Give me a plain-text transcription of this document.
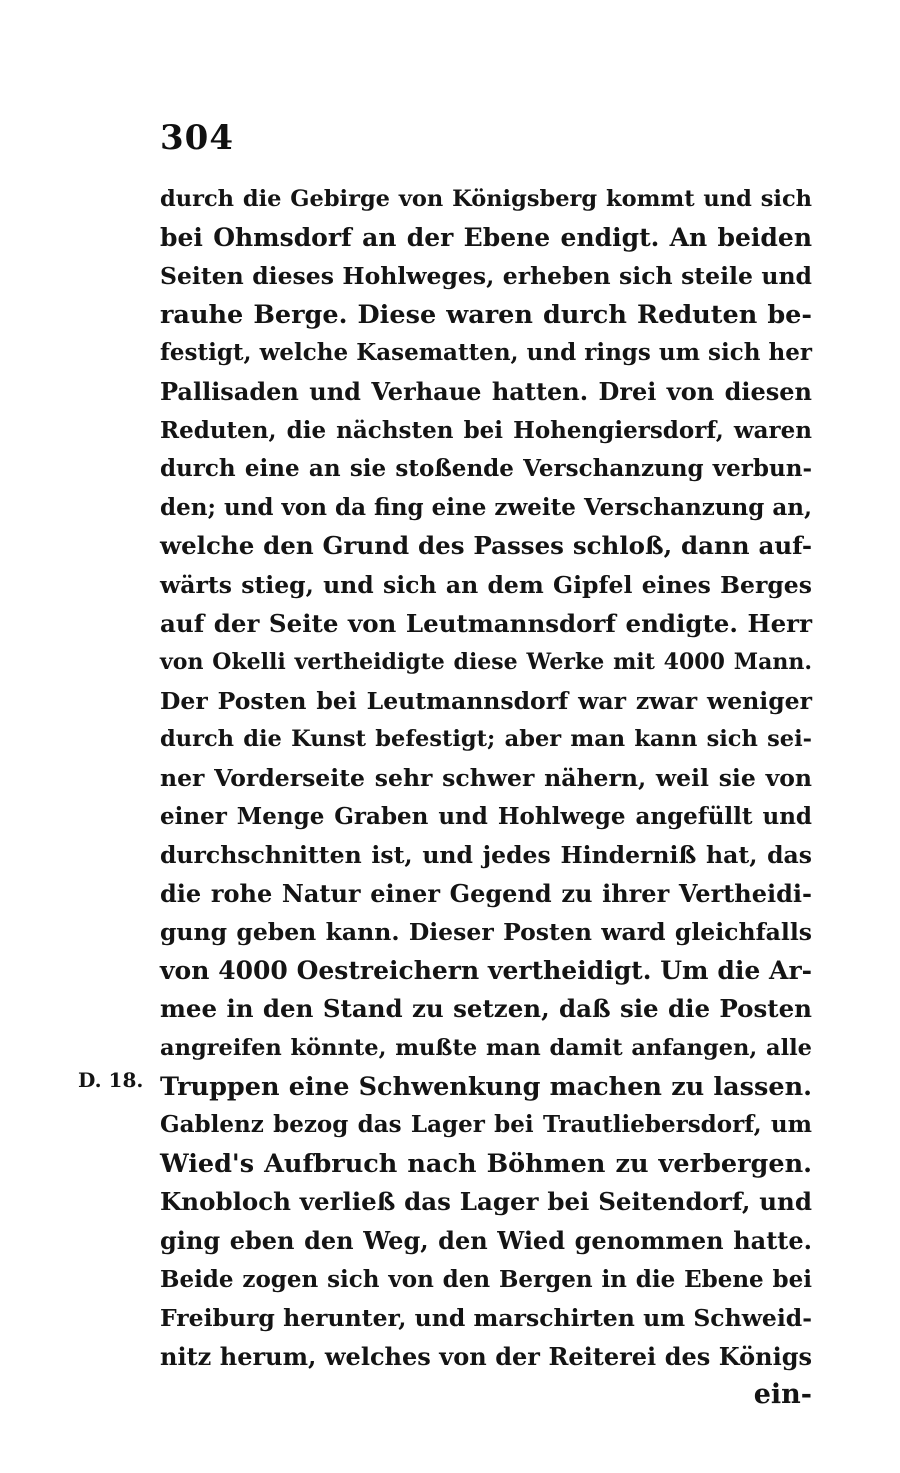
304
D. 18.
durch die Gebirge von Königsberg kommt und sich
bei Ohmsdorf an der Ebene endigt. An beiden
Seiten dieses Hohlweges, erheben sich steile und
rauhe Berge. Diese waren durch Reduten be-
festigt, welche Kasematten, und rings um sich her
Pallisaden und Verhaue hatten. Drei von diesen
Reduten, die nächsten bei Hohengiersdorf, waren
durch eine an sie stoßende Verschanzung verbun-
den; und von da fing eine zweite Verschanzung an,
welche den Grund des Passes schloß, dann auf-
wärts stieg, und sich an dem Gipfel eines Berges
auf der Seite von Leutmannsdorf endigte. Herr
von Okelli vertheidigte diese Werke mit 4000 Mann.
Der Posten bei Leutmannsdorf war zwar weniger
durch die Kunst befestigt; aber man kann sich sei-
ner Vorderseite sehr schwer nähern, weil sie von
einer Menge Graben und Hohlwege angefüllt und
durchschnitten ist, und jedes Hinderniß hat, das
die rohe Natur einer Gegend zu ihrer Vertheidi-
gung geben kann. Dieser Posten ward gleichfalls
von 4000 Oestreichern vertheidigt. Um die Ar-
mee in den Stand zu setzen, daß sie die Posten
angreifen könnte, mußte man damit anfangen, alle
Truppen eine Schwenkung machen zu lassen.
Gablenz bezog das Lager bei Trautliebersdorf, um
Wied's Aufbruch nach Böhmen zu verbergen.
Knobloch verließ das Lager bei Seitendorf, und
ging eben den Weg, den Wied genommen hatte.
Beide zogen sich von den Bergen in die Ebene bei
Freiburg herunter, und marschirten um Schweid-
nitz herum, welches von der Reiterei des Königs
ein-
